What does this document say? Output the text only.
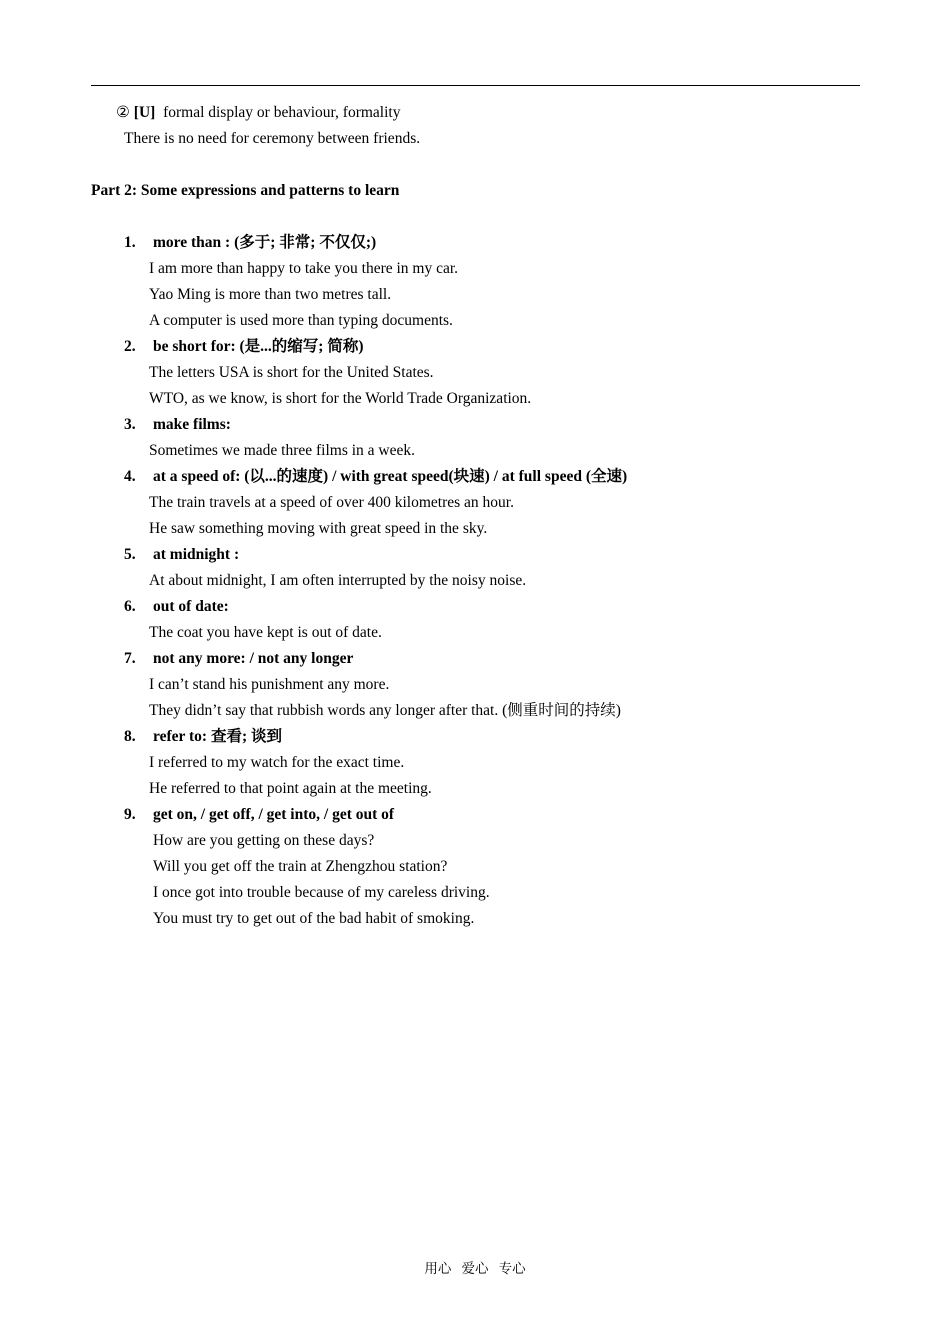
② [U] formal display or behaviour, formality
There is no need for ceremony between friends.
Part 2: Some expressions and patterns to learn
1. more than : (多于; 非常; 不仅仅;)
I am more than happy to take you there in my car.
Yao Ming is more than two metres tall.
A computer is used more than typing documents.
2. be short for: (是...的缩写; 简称)
The letters USA is short for the United States.
WTO, as we know, is short for the World Trade Organization.
3. make films:
Sometimes we made three films in a week.
4. at a speed of: (以...的速度) / with great speed(块速) / at full speed (全速)
The train travels at a speed of over 400 kilometres an hour.
He saw something moving with great speed in the sky.
5. at midnight :
At about midnight, I am often interrupted by the noisy noise.
6. out of date:
The coat you have kept is out of date.
7. not any more: / not any longer
I can’t stand his punishment any more.
They didn’t say that rubbish words any longer after that. (侧重时间的持续)
8. refer to: 查看; 谈到
I referred to my watch for the exact time.
He referred to that point again at the meeting.
9. get on, / get off, / get into, / get out of
How are you getting on these days?
Will you get off the train at Zhengzhou station?
I once got into trouble because of my careless driving.
You must try to get out of the bad habit of smoking.
用心   爱心   专心
